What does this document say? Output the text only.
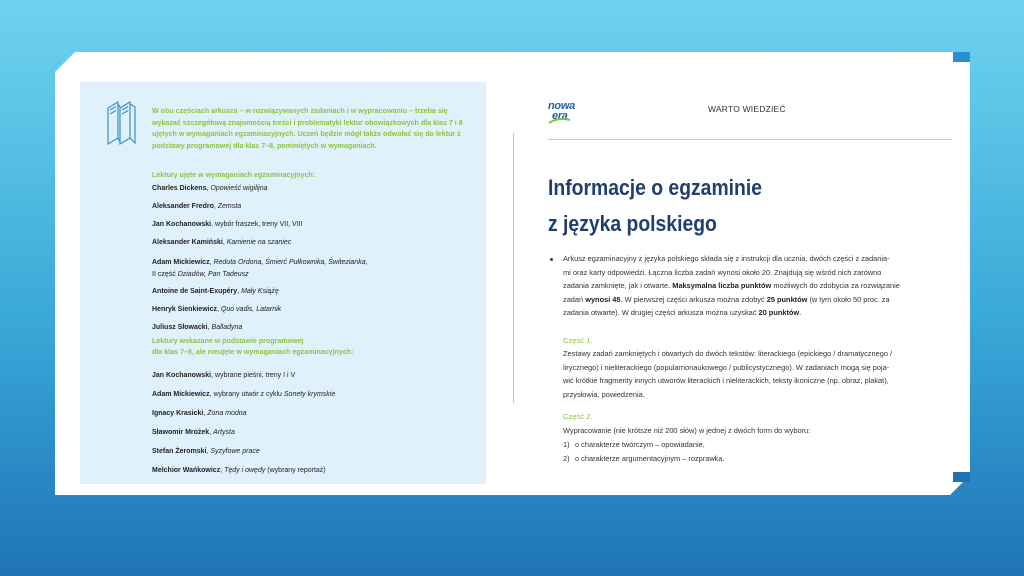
W obu częściach arkusza – w rozwiązywanych zadaniach i w wypracowaniu – trzeba się wykazać szczegółową znajomością treści i problematyki lektur obowiązkowych dla klas 7 i 8 ujętych w wymaganiach egzaminacyjnych. Uczeń będzie mógł także odwołać się do lektur z podstawy programowej dla klas 7–8, pominiętych w wymaganiach.

Lektury ujęte w wymaganiach egzaminacyjnych:

Charles Dickens, Opowieść wigilijna
Aleksander Fredro, Zemsta
Jan Kochanowski, wybór fraszek, treny VII, VIII
Aleksander Kamiński, Kamienie na szaniec
Adam Mickiewicz, Reduta Ordona, Śmierć Pułkownika, Świtezianka,
II część Dziadów, Pan Tadeusz
Antoine de Saint-Exupéry, Mały Książę
Henryk Sienkiewicz, Quo vadis, Latarnik
Juliusz Słowacki, Balladyna

Lektury wskazane w podstawie programowej
dla klas 7–8, ale nieujęte w wymaganiach egzaminacyjnych:

Jan Kochanowski, wybrane pieśni, treny I i V
Adam Mickiewicz, wybrany utwór z cyklu Sonety krymskie
Ignacy Krasicki, Żona modna
Sławomir Mrożek, Artysta
Stefan Żeromski, Syzyfowe prace
Melchior Wańkowicz, Tędy i owędy (wybrany reportaż)
nowa
era
WARTO WIEDZIEĆ
Informacje o egzaminie
z języka polskiego

Arkusz egzaminacyjny z języka polskiego składa się z instrukcji dla ucznia, dwóch części z zadania-
mi oraz karty odpowiedzi. Łączna liczba zadań wynosi około 20. Znajdują się wśród nich zarówno
zadania zamknięte, jak i otwarte. Maksymalna liczba punktów możliwych do zdobycia za rozwiązanie
zadań wynosi 45. W pierwszej części arkusza można zdobyć 25 punktów (w tym około 50 proc. za
zadania otwarte). W drugiej części arkusza można uzyskać 20 punktów.

Część 1.

Zestawy zadań zamkniętych i otwartych do dwóch tekstów: literackiego (epickiego / dramatycznego /
lirycznego) i nieliterackiego (popularnonaukowego / publicystycznego). W zadaniach mogą się poja-
wić krótkie fragmenty innych utworów literackich i nieliterackich, teksty ikoniczne (np. obraz, plakat),
przysłowia, powiedzenia.

Część 2.

Wypracowanie (nie krótsze niż 200 słów) w jednej z dwóch form do wyboru:

1) o charakterze twórczym – opowiadanie,
2) o charakterze argumentacyjnym – rozprawka.
